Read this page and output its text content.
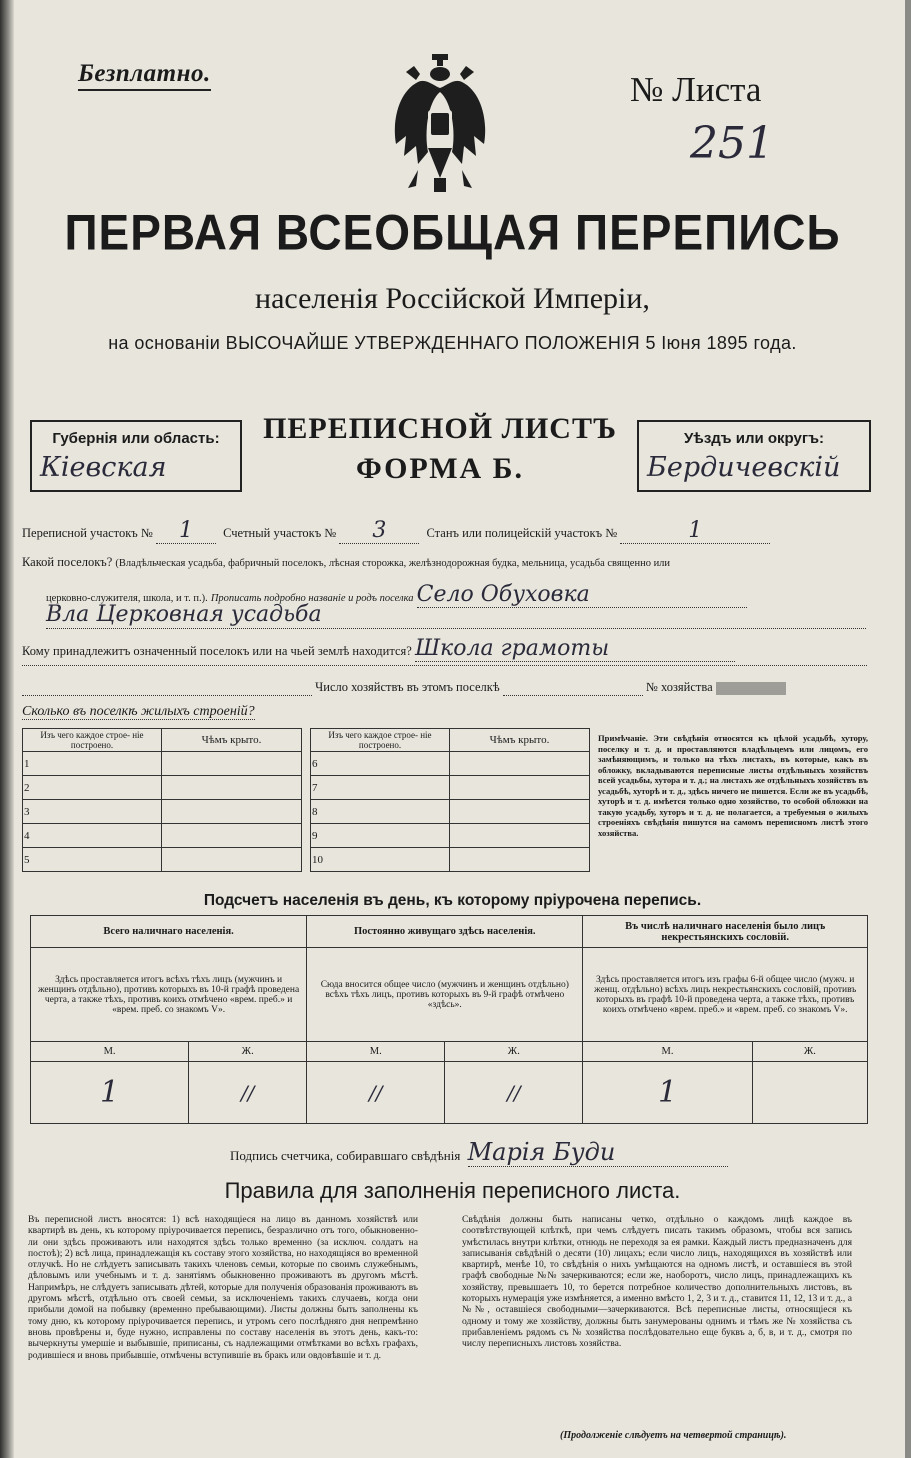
Безплатно.	№ Листа
251
ПЕРВАЯ ВСЕОБЩАЯ ПЕРЕПИСЬ
населенія Россійской Имперіи,
на основаніи ВЫСОЧАЙШЕ УТВЕРЖДЕННАГО ПОЛОЖЕНІЯ 5 Іюня 1895 года.
Губернія или область:
Кіевская
ПЕРЕПИСНОЙ ЛИСТЪ
ФОРМА Б.
Уѣздъ или округъ:
Бердичевскій
Переписной участокъ № 1 Счетный участокъ № 3	Станъ или полицейскій участокъ №	1
Какой поселокъ? (Владѣльческая усадьба, фабричный поселокъ, лѣсная сторожка, желѣзнодорожная будка, мельница, усадьба священно или
церковно-служителя, школа, и т. п.). Прописать подробно названіе и родъ поселка Село Обуховка
Вла Церковная усадьба
Кому принадлежитъ означенный поселокъ или на чьей землѣ находится? Школа грамоты
Число хозяйствъ въ этомъ поселкѣ	№ хозяйства
Сколько въ поселкѣ жилыхъ строеній?
Изъ чего каждое строе- ніе построено.	Чѣмъ крыто.
1	
2	
3	
4	
5	
Изъ чего каждое строе- ніе построено.	Чѣмъ крыто.
6	
7	
8	
9	
10	
Примѣчаніе. Эти свѣдѣнія относятся къ цѣлой усадьбѣ, хутору, поселку и т. д. и проставляются владѣльцемъ или лицомъ, его замѣняющимъ, и только на тѣхъ листахъ, въ которые, какъ въ обложку, вкладываются переписные листы отдѣльныхъ хозяйствъ всей усадьбы, хутора и т. д.; на листахъ же отдѣльныхъ хозяйствъ въ усадьбѣ, хуторѣ и т. д., здѣсь ничего не пишется. Если же въ усадьбѣ, хуторѣ и т. д. имѣется только одно хозяйство, то особой обложки на такую усадьбу, хуторъ и т. д. не полагается, а требуемыя о жилыхъ строеніяхъ свѣдѣнія пишутся на самомъ переписномъ листѣ этого хозяйства.
Подсчетъ населенія въ день, къ которому пріурочена перепись.
Всего наличнаго населенія.		Постоянно живущаго здѣсь населенія.		Въ числѣ наличнаго населенія было лицъ некрестьянскихъ сословій.	
Здѣсь проставляется итогъ всѣхъ тѣхъ лицъ (мужчинъ и женщинъ отдѣльно), противъ которыхъ въ 10-й графѣ проведена черта, а также тѣхъ, противъ коихъ отмѣчено «врем. преб.» и «врем. преб. со знакомъ V».		Сюда вносится общее число (мужчинъ и женщинъ отдѣльно) всѣхъ тѣхъ лицъ, противъ которыхъ въ 9-й графѣ отмѣчено «здѣсь».		Здѣсь проставляется итогъ изъ графы 6-й общее число (мужч. и женщ. отдѣльно) всѣхъ лицъ некрестьянскихъ сословій, противъ которыхъ въ графѣ 10-й проведена черта, а также тѣхъ, противъ коихъ отмѣчено «врем. преб.» и «врем. преб. со знакомъ V».	
М.	Ж.	М.	Ж.	М.	Ж.
1	//	//	//	1	
Подпись счетчика, собиравшаго свѣдѣнія Марія Буди
Правила для заполненія переписного листа.
Въ переписной листъ вносятся: 1) всѣ находящіеся на лицо въ данномъ хозяйствѣ или квартирѣ въ день, къ которому пріурочивается перепись, безразлично отъ того, обыкновенно-ли они здѣсь проживаютъ или находятся здѣсь только временно (за исключ. солдатъ на постоѣ); 2) всѣ лица, принадлежащія къ составу этого хозяйства, но находящіяся во временной отлучкѣ. Но не слѣдуетъ записывать такихъ членовъ семьи, которые по своимъ служебнымъ, дѣловымъ или учебнымъ и т. д. занятіямъ обыкновенно проживаютъ въ другомъ мѣстѣ. Напримѣръ, не слѣдуетъ записывать дѣтей, которые для полученія образованія проживаютъ въ другомъ мѣстѣ, отдѣльно отъ своей семьи, за исключеніемъ такихъ случаевъ, когда они прибыли домой на побывку (временно пребывающими). Листы должны быть заполнены къ тому дню, къ которому пріурочивается перепись, и утромъ сего послѣдняго дня непремѣнно вновь провѣрены и, буде нужно, исправлены по составу населенія въ этотъ день, какъ-то: вычеркнуты умершіе и выбывшіе, приписаны, съ надлежащими отмѣтками во всѣхъ графахъ, родившіеся и вновь прибывшіе, отмѣчены вступившіе въ бракъ или овдовѣвшіе и т. д.
Свѣдѣнія должны быть написаны четко, отдѣльно о каждомъ лицѣ каждое въ соотвѣтствующей клѣткѣ, при чемъ слѣдуетъ писать такимъ образомъ, чтобы вся запись умѣстилась внутри клѣтки, отнюдь не переходя за ея рамки. Каждый листъ предназначенъ для записыванія свѣдѣній о десяти (10) лицахъ; если число лицъ, находящихся въ хозяйствѣ или квартирѣ, менѣе 10, то свѣдѣнія о нихъ умѣщаются на одномъ листѣ, и оставшіеся въ этой графѣ свободные №№ зачеркиваются; если же, наоборотъ, число лицъ, принадлежащихъ къ хозяйству, превышаетъ 10, то берется потребное количество дополнительныхъ листовъ, въ которыхъ нумерація уже измѣняется, а именно вмѣсто 1, 2, 3 и т. д., ставится 11, 12, 13 и т. д., а №№, оставшіеся свободными—зачеркиваются. Всѣ переписные листы, относящіеся къ одному и тому же хозяйству, должны быть занумерованы однимъ и тѣмъ же № хозяйства съ прибавленіемъ рядомъ съ № хозяйства послѣдовательно еще буквъ а, б, в, и т. д., смотря по числу переписныхъ листовъ хозяйства.
(Продолженіе слѣдуетъ на четвертой страницѣ).
